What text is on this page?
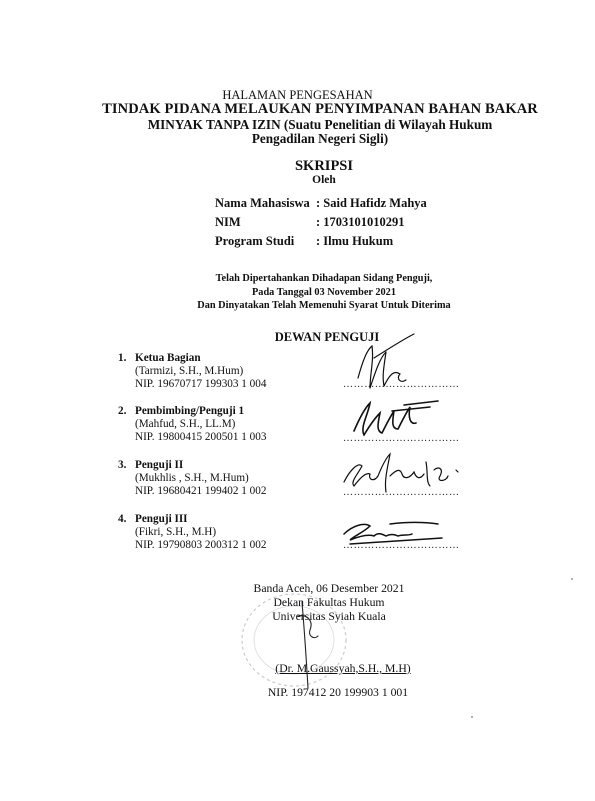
HALAMAN PENGESAHAN
TINDAK PIDANA MELAUKAN PENYIMPANAN BAHAN BAKAR
MINYAK TANPA IZIN (Suatu Penelitian di Wilayah Hukum
Pengadilan Negeri Sigli)
SKRIPSI
Oleh
Nama Mahasiswa : Said Hafidz Mahya
NIM	: 1703101010291
Program Studi	: Ilmu Hukum
Telah Dipertahankan Dihadapan Sidang Penguji,
Pada Tanggal 03 November 2021
Dan Dinyatakan Telah Memenuhi Syarat Untuk Diterima
DEWAN PENGUJI
1. Ketua Bagian
(Tarmizi, S.H., M.Hum)
NIP. 19670717 199303 1 004	……………………………
2. Pembimbing/Penguji 1
(Mahfud, S.H., LL.M)
NIP. 19800415 200501 1 003	……………………………
3. Penguji II
(Mukhlis , S.H., M.Hum)
NIP. 19680421 199402 1 002	……………………………
4. Penguji III
(Fikri, S.H., M.H)
NIP. 19790803 200312 1 002	……………………………
Banda Aceh, 06 Desember 2021
Dekan Fakultas Hukum
Universitas Syiah Kuala
(Dr. M.Gaussyah,S.H., M.H)
NIP. 197412 20 199903 1 001
